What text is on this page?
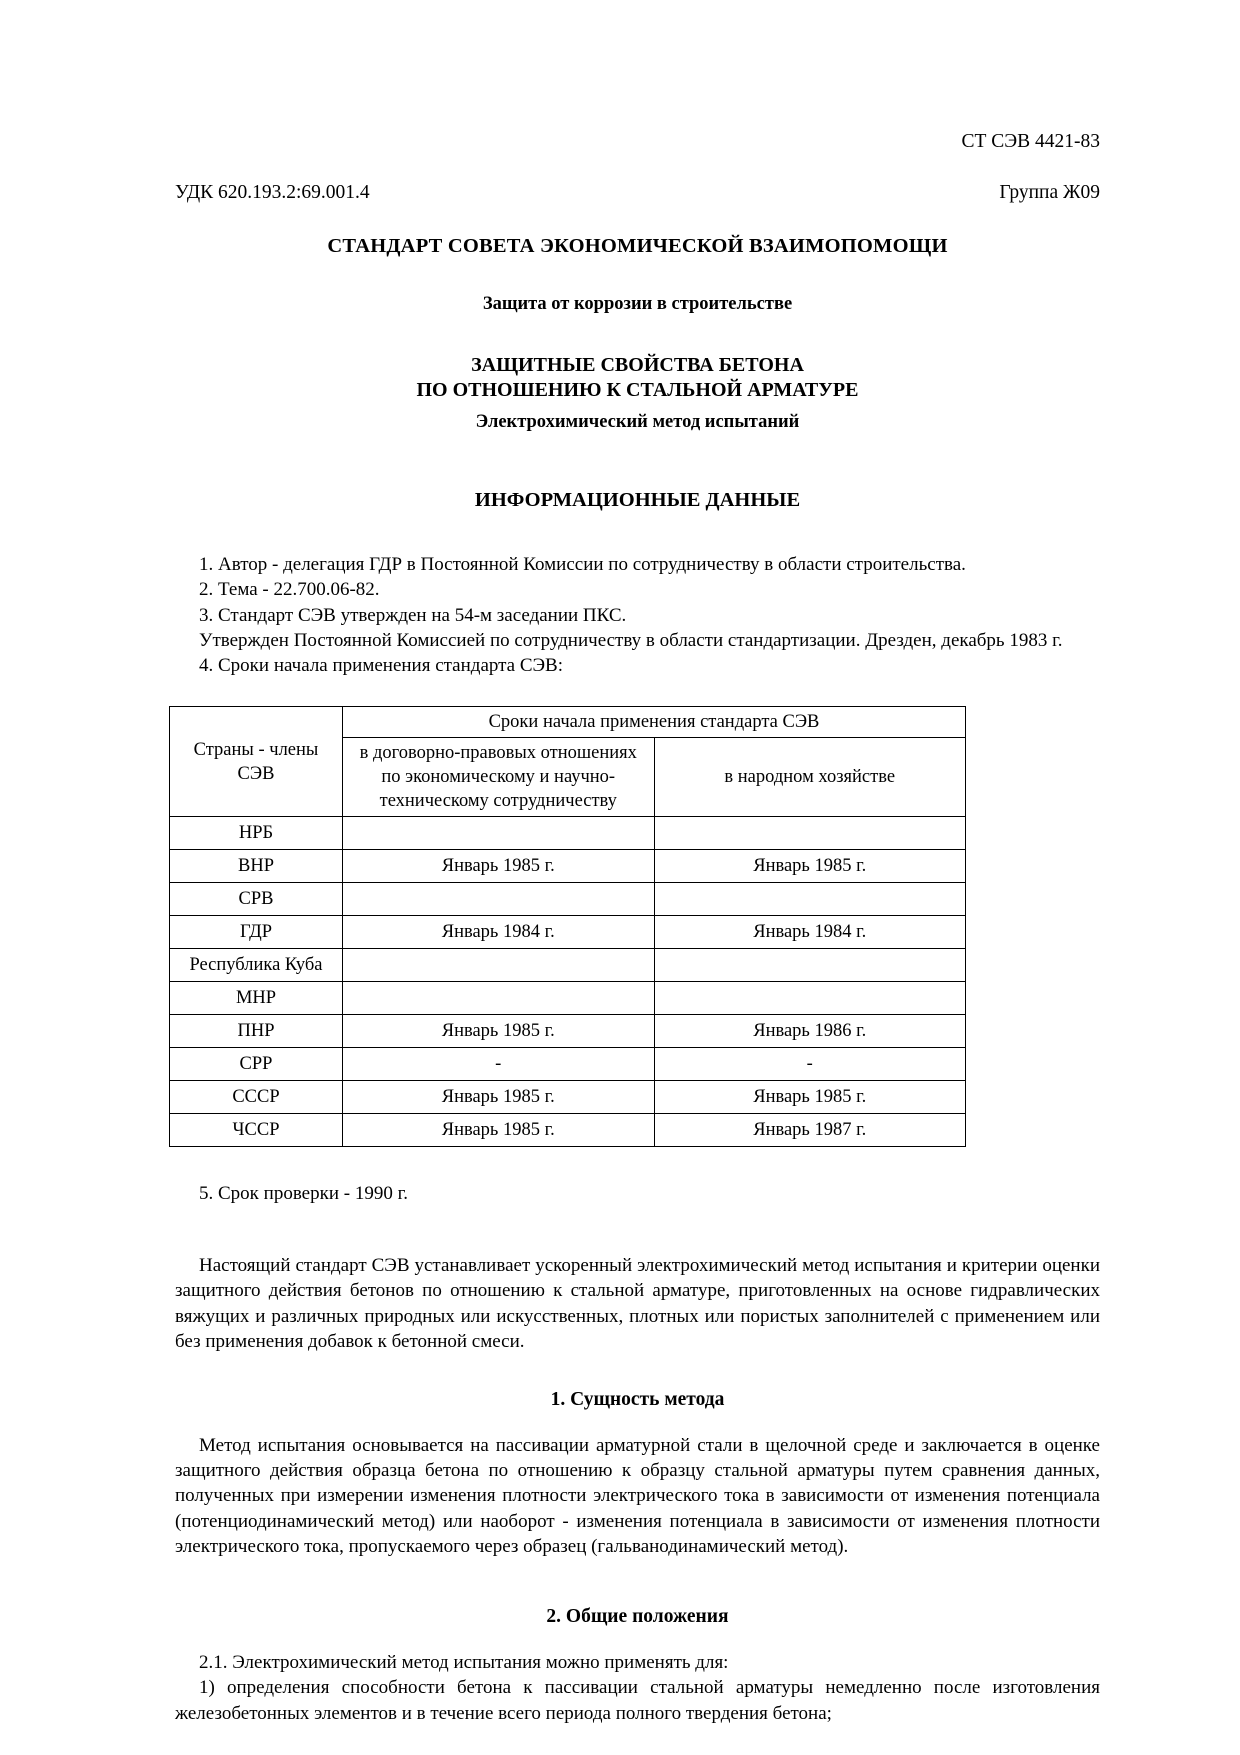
СТ СЭВ 4421-83
УДК 620.193.2:69.001.4	Группа Ж09
СТАНДАРТ СОВЕТА ЭКОНОМИЧЕСКОЙ ВЗАИМОПОМОЩИ
Защита от коррозии в строительстве
ЗАЩИТНЫЕ СВОЙСТВА БЕТОНА
ПО ОТНОШЕНИЮ К СТАЛЬНОЙ АРМАТУРЕ
Электрохимический метод испытаний
ИНФОРМАЦИОННЫЕ ДАННЫЕ

1. Автор - делегация ГДР в Постоянной Комиссии по сотрудничеству в области строительства.

2. Тема - 22.700.06-82.

3. Стандарт СЭВ утвержден на 54-м заседании ПКС.

Утвержден Постоянной Комиссией по сотрудничеству в области стандартизации. Дрезден, декабрь 1983 г.

4. Сроки начала применения стандарта СЭВ:

Страны - члены СЭВ	Сроки начала применения стандарта СЭВ	
	в договорно-правовых отношениях по экономическому и научно-техническому сотрудничеству	в народном хозяйстве
НРБ		
ВНР	Январь 1985 г.	Январь 1985 г.
СРВ		
ГДР	Январь 1984 г.	Январь 1984 г.
Республика Куба		
МНР		
ПНР	Январь 1985 г.	Январь 1986 г.
СРР	-	-
СССР	Январь 1985 г.	Январь 1985 г.
ЧССР	Январь 1985 г.	Январь 1987 г.

5. Срок проверки - 1990 г.

Настоящий стандарт СЭВ устанавливает ускоренный электрохимический метод испытания и критерии оценки защитного действия бетонов по отношению к стальной арматуре, приготовленных на основе гидравлических вяжущих и различных природных или искусственных, плотных или пористых заполнителей с применением или без применения добавок к бетонной смеси.

1. Сущность метода

Метод испытания основывается на пассивации арматурной стали в щелочной среде и заключается в оценке защитного действия образца бетона по отношению к образцу стальной арматуры путем сравнения данных, полученных при измерении изменения плотности электрического тока в зависимости от изменения потенциала (потенциодинамический метод) или наоборот - изменения потенциала в зависимости от изменения плотности электрического тока, пропускаемого через образец (гальванодинамический метод).

2. Общие положения

2.1. Электрохимический метод испытания можно применять для:

1) определения способности бетона к пассивации стальной арматуры немедленно после изготовления железобетонных элементов и в течение всего периода полного твердения бетона;
